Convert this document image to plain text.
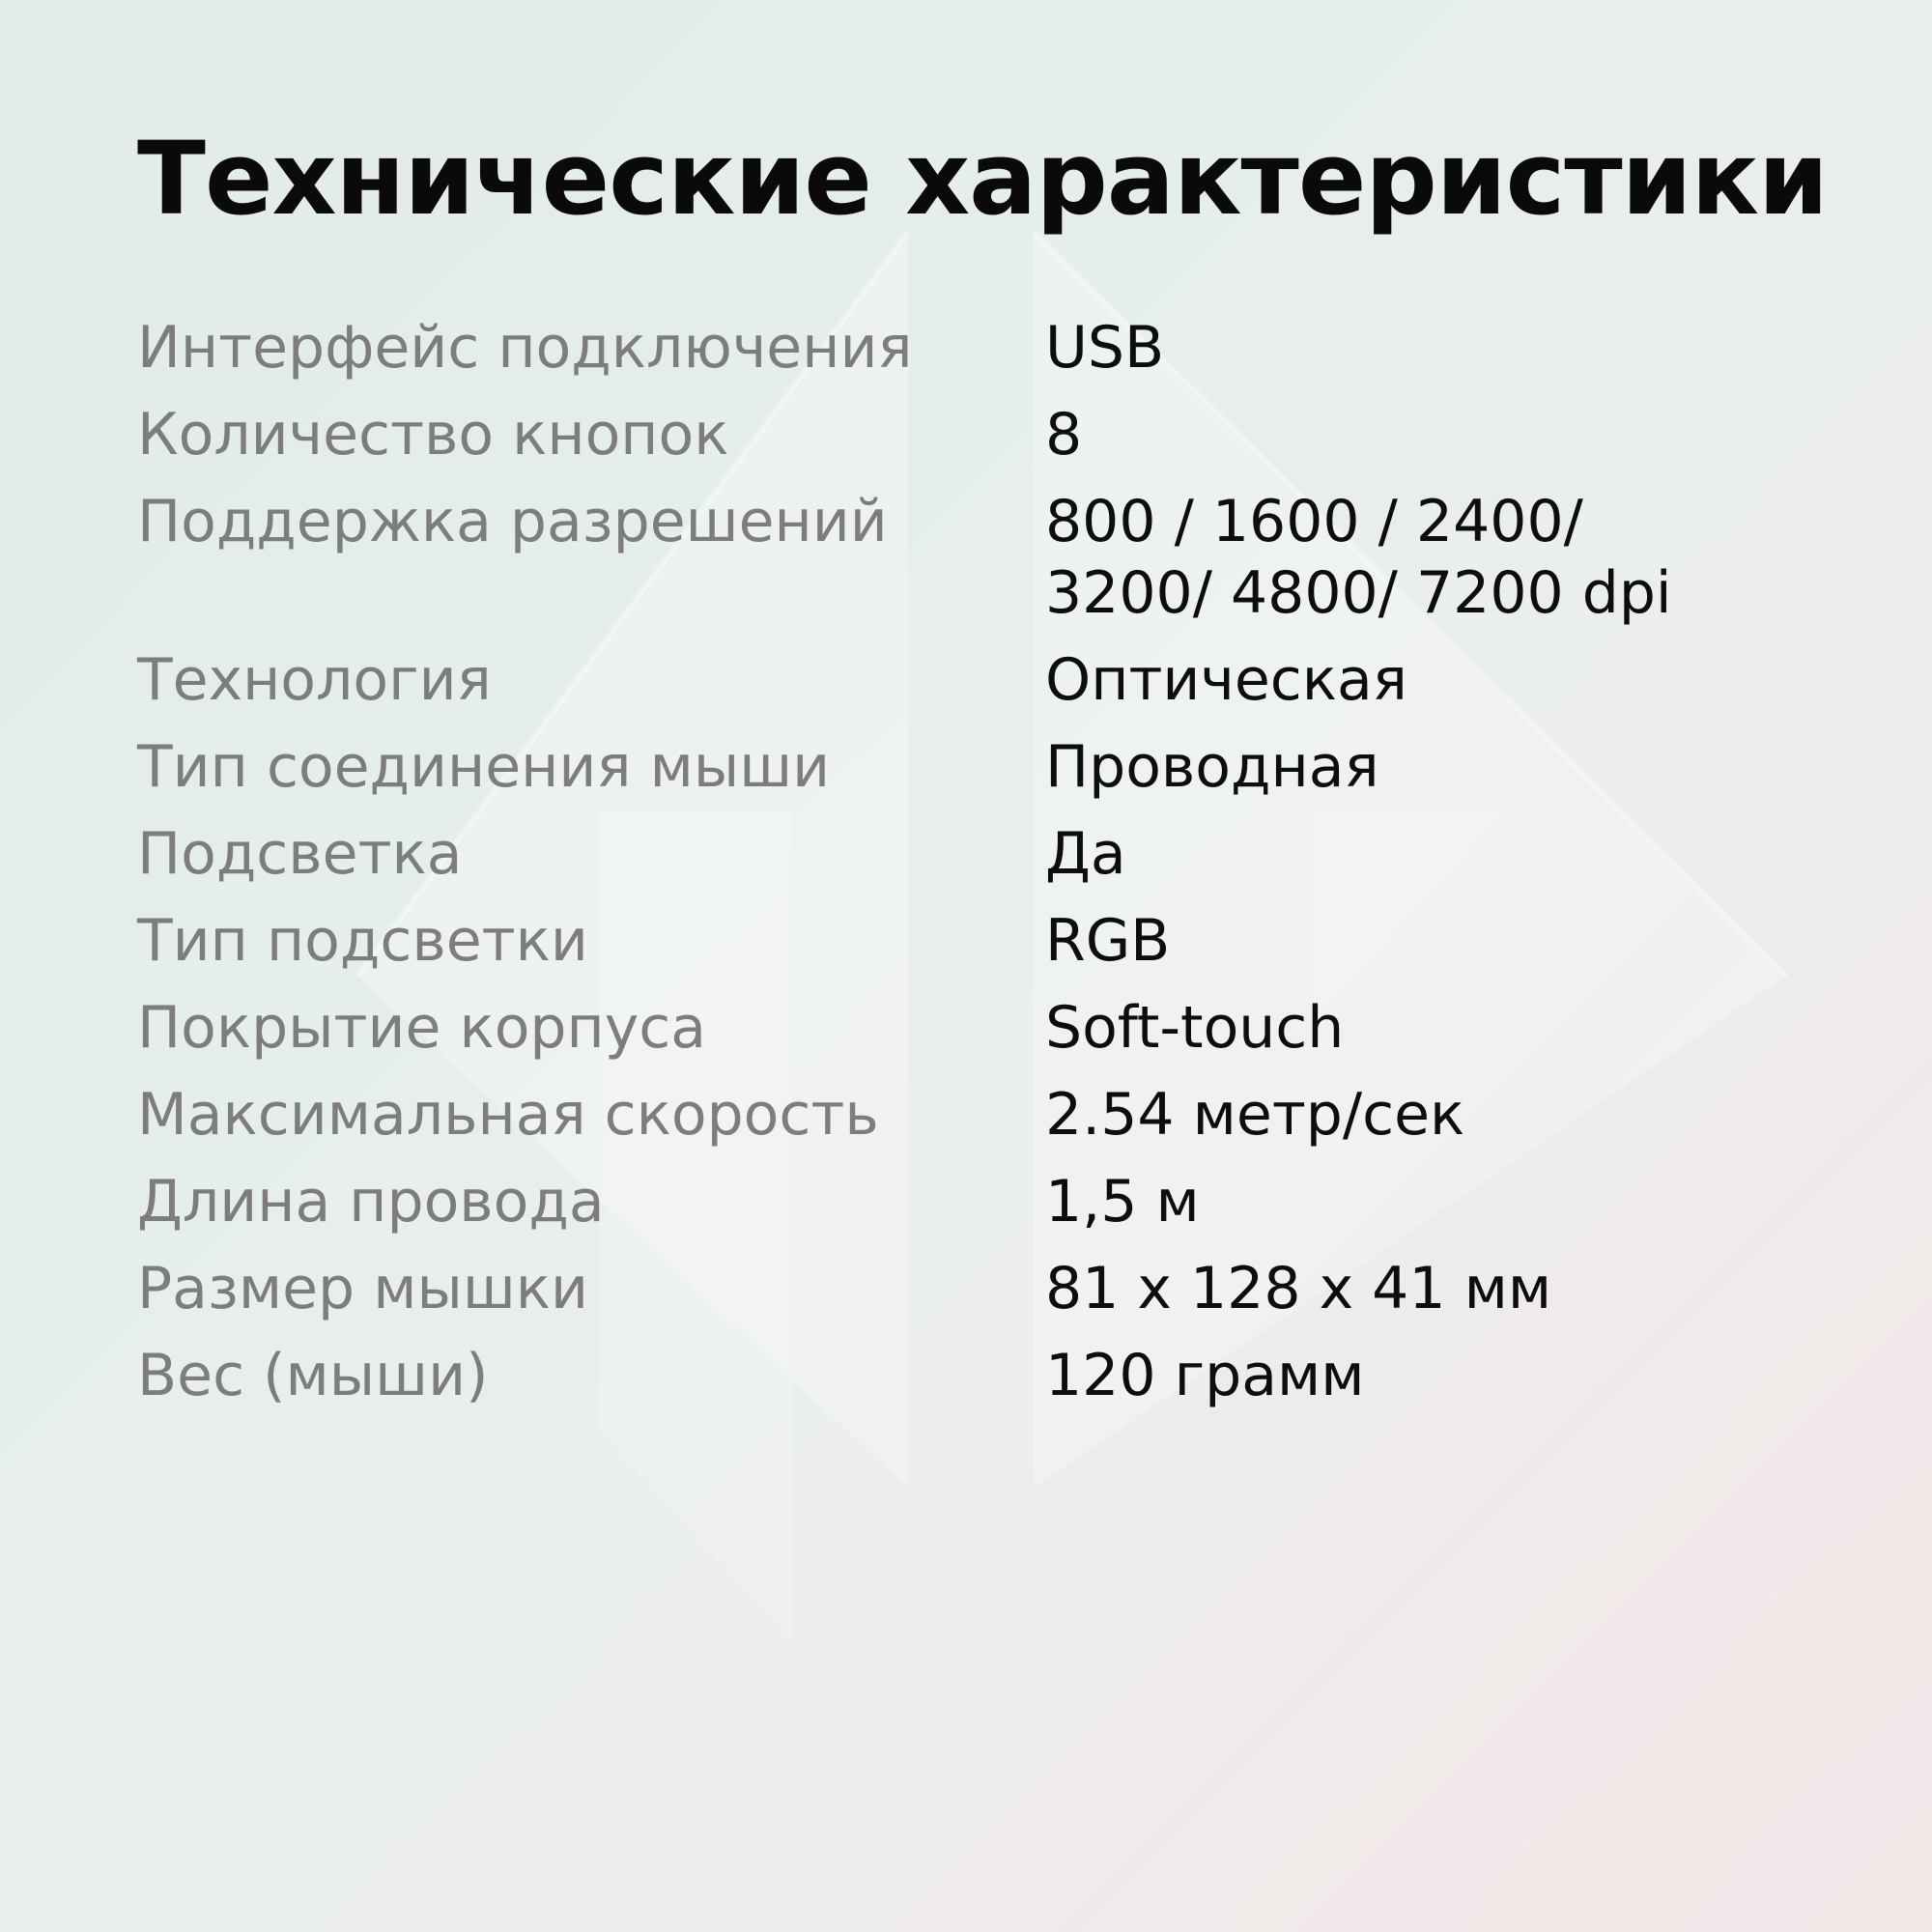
Технические характеристики
Интерфейс подключения	USB
Количество кнопок	8
Поддержка разрешений	800 / 1600 / 2400/
3200/ 4800/ 7200 dpi
Технология	Оптическая
Тип соединения мыши	Проводная
Подсветка	Да
Тип подсветки	RGB
Покрытие корпуса	Soft-touch
Максимальная скорость	2.54 метр/сек
Длина провода	1,5 м
Размер мышки	81 х 128 х 41 мм
Вес (мыши)	120 грамм
